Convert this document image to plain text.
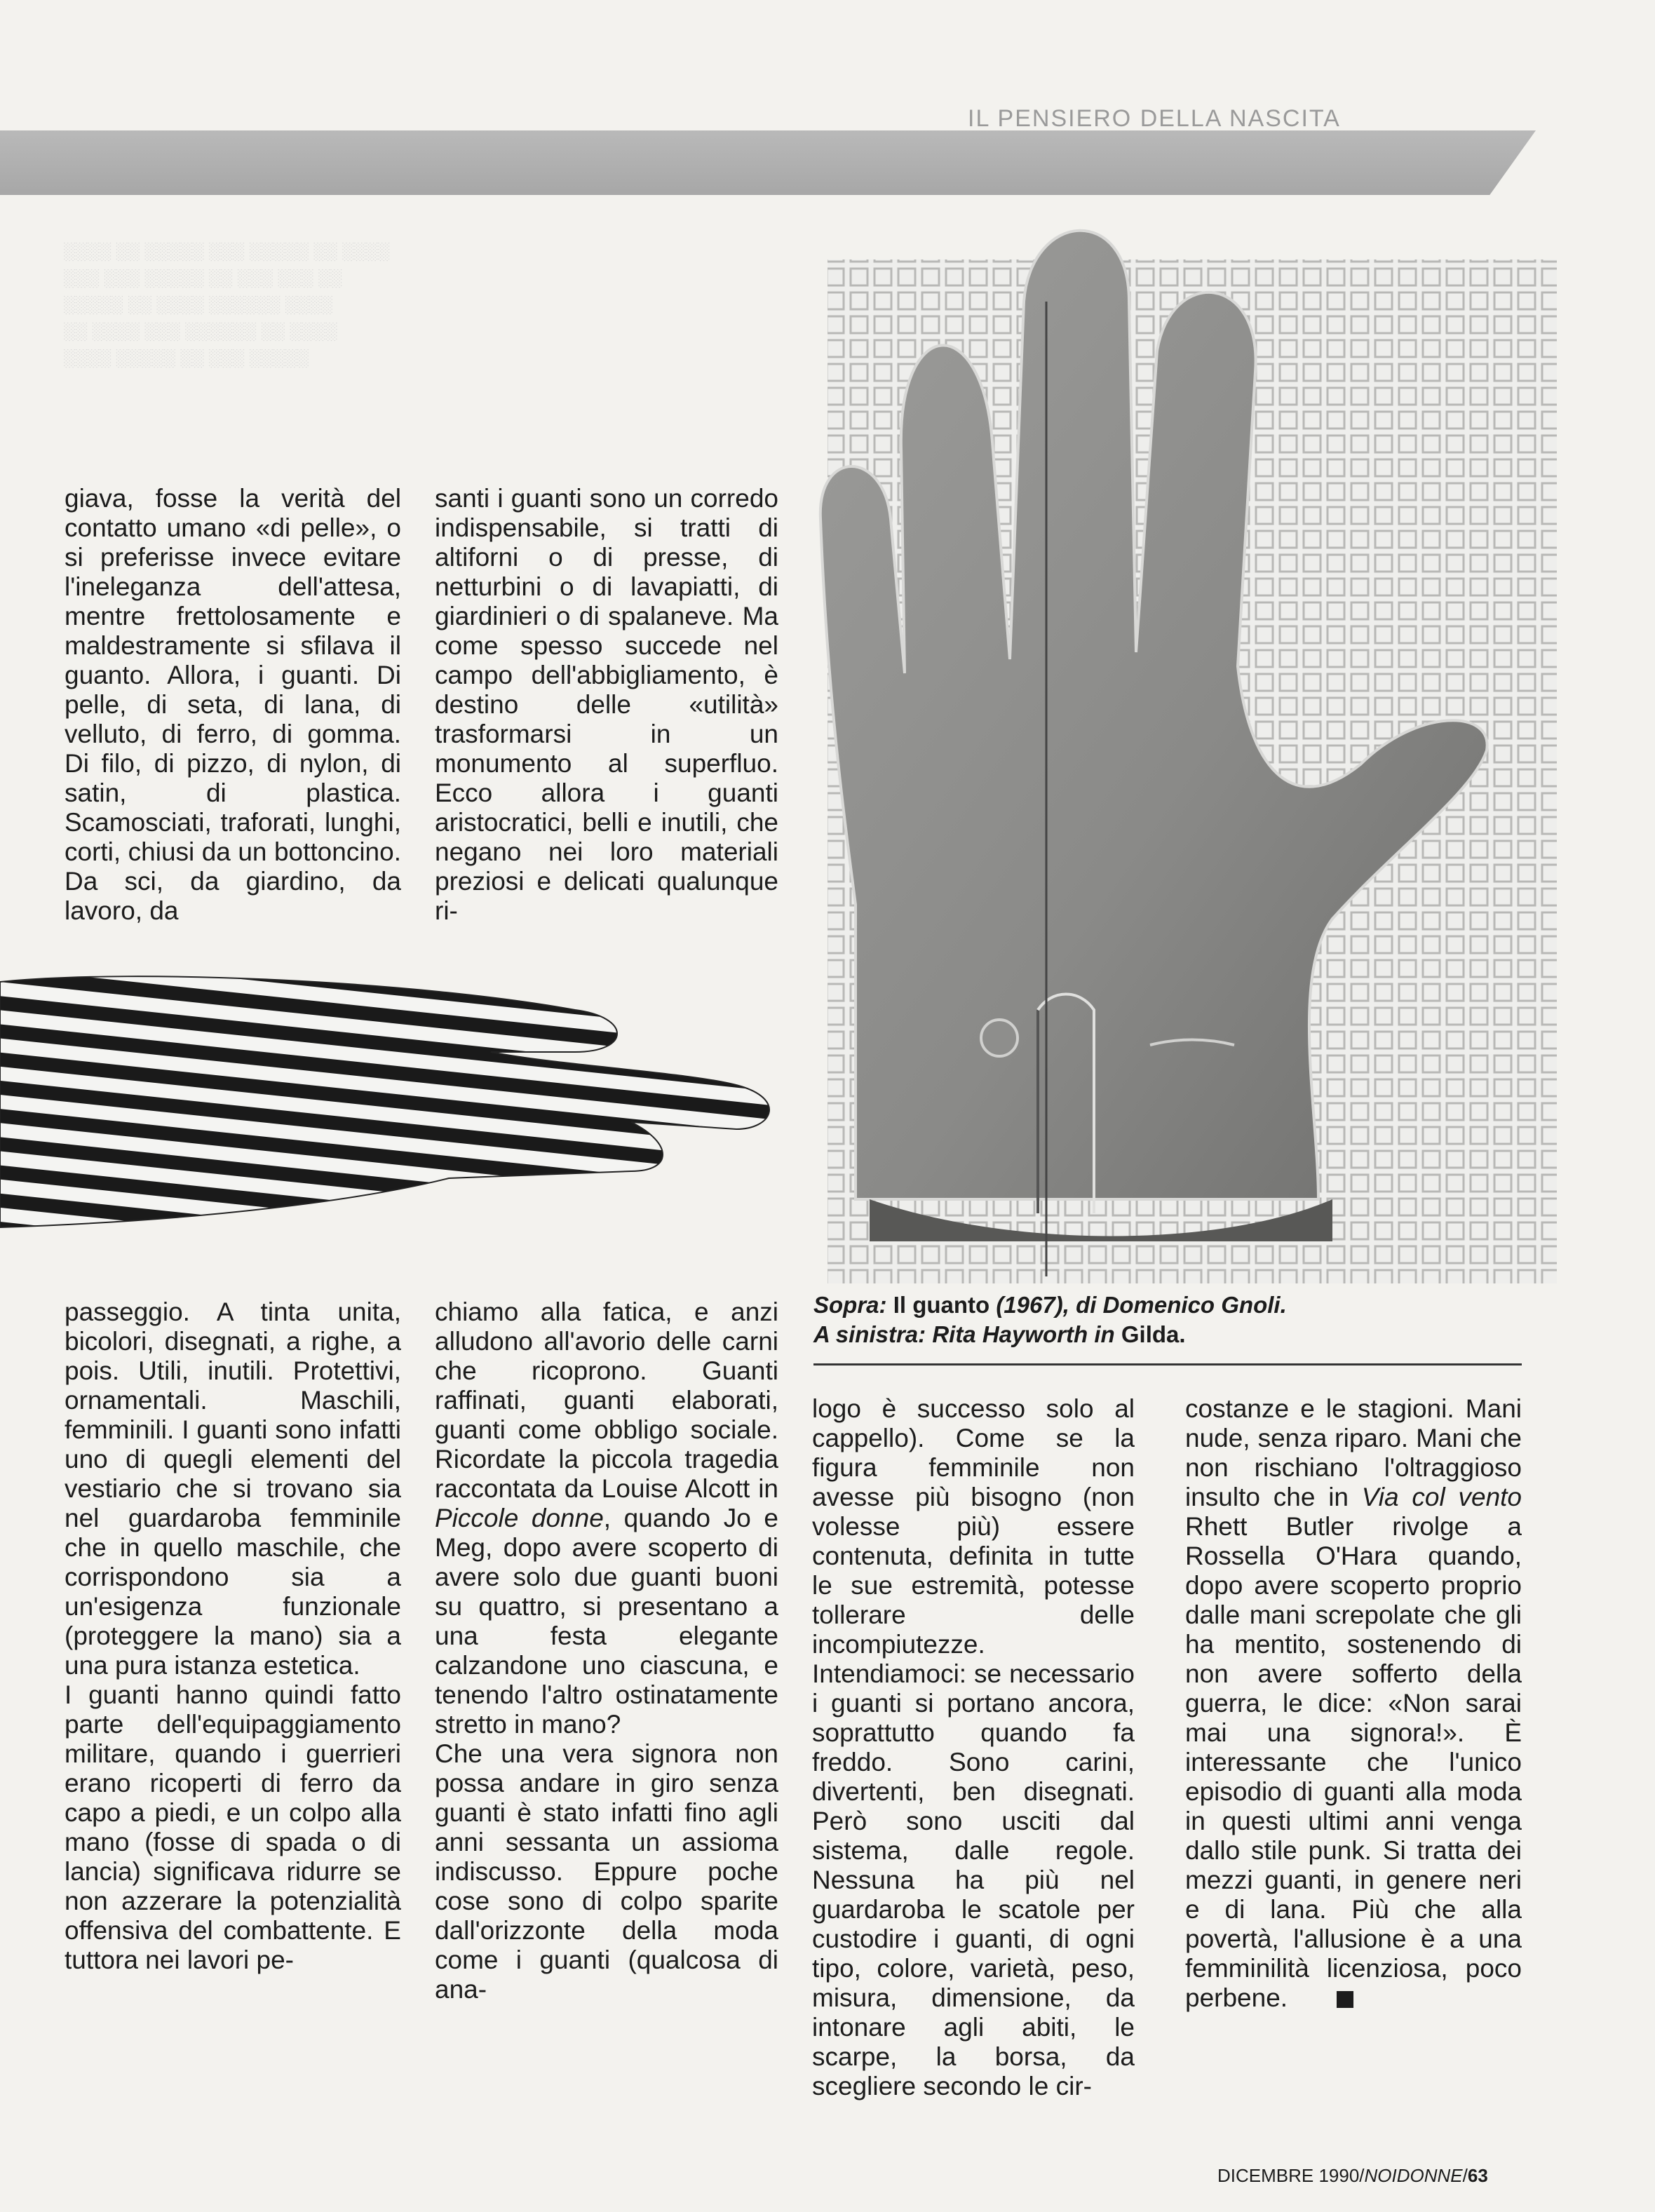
IL PENSIERO DELLA NASCITA
░░░░ ░░ ░░░░░ ░░░ ░░░░░ ░░ ░░░░
░░░ ░░░ ░░░░░ ░░ ░░░ ░░░ ░░
░░░░░ ░░ ░░░░ ░░░░░░ ░░░░
░░ ░░░░ ░░░ ░░░░░░ ░░ ░░░░
░░░░ ░░░░░ ░░ ░░░ ░░░░░

giava, fosse la verità del contatto umano «di pelle», o si preferisse invece evitare l'ineleganza dell'attesa, mentre frettolosamente e maldestramente si sfilava il guanto. Allora, i guanti. Di pelle, di seta, di lana, di velluto, di ferro, di gomma. Di filo, di pizzo, di nylon, di satin, di plastica. Scamosciati, traforati, lunghi, corti, chiusi da un bottoncino. Da sci, da giardino, da lavoro, da

santi i guanti sono un corredo indispensabile, si tratti di altiforni o di presse, di netturbini o di lavapiatti, di giardinieri o di spalaneve. Ma come spesso succede nel campo dell'abbigliamento, è destino delle «utilità» trasformarsi in un monumento al superfluo. Ecco allora i guanti aristocratici, belli e inutili, che negano nei loro materiali preziosi e delicati qualunque ri-

Sopra: Il guanto (1967), di Domenico Gnoli.
A sinistra: Rita Hayworth in Gilda.

passeggio. A tinta unita, bicolori, disegnati, a righe, a pois. Utili, inutili. Protettivi, ornamentali. Maschili, femminili. I guanti sono infatti uno di quegli elementi del vestiario che si trovano sia nel guardaroba femminile che in quello maschile, che corrispondono sia a un'esigenza funzionale (proteggere la mano) sia a una pura istanza estetica.

I guanti hanno quindi fatto parte dell'equipaggiamento militare, quando i guerrieri erano ricoperti di ferro da capo a piedi, e un colpo alla mano (fosse di spada o di lancia) significava ridurre se non azzerare la potenzialità offensiva del combattente. E tuttora nei lavori pe-

chiamo alla fatica, e anzi alludono all'avorio delle carni che ricoprono. Guanti raffinati, guanti elaborati, guanti come obbligo sociale. Ricordate la piccola tragedia raccontata da Louise Alcott in Piccole donne, quando Jo e Meg, dopo avere scoperto di avere solo due guanti buoni su quattro, si presentano a una festa elegante calzandone uno ciascuna, e tenendo l'altro ostinatamente stretto in mano?

Che una vera signora non possa andare in giro senza guanti è stato infatti fino agli anni sessanta un assioma indiscusso. Eppure poche cose sono di colpo sparite dall'orizzonte della moda come i guanti (qualcosa di ana-

logo è successo solo al cappello). Come se la figura femminile non avesse più bisogno (non volesse più) essere contenuta, definita in tutte le sue estremità, potesse tollerare delle incompiutezze. Intendiamoci: se necessario i guanti si portano ancora, soprattutto quando fa freddo. Sono carini, divertenti, ben disegnati. Però sono usciti dal sistema, dalle regole. Nessuna ha più nel guardaroba le scatole per custodire i guanti, di ogni tipo, colore, varietà, peso, misura, dimensione, da intonare agli abiti, le scarpe, la borsa, da scegliere secondo le cir-

costanze e le stagioni. Mani nude, senza riparo. Mani che non rischiano l'oltraggioso insulto che in Via col vento Rhett Butler rivolge a Rossella O'Hara quando, dopo avere scoperto proprio dalle mani screpolate che gli ha mentito, sostenendo di non avere sofferto della guerra, le dice: «Non sarai mai una signora!». È interessante che l'unico episodio di guanti alla moda in questi ultimi anni venga dallo stile punk. Si tratta dei mezzi guanti, in genere neri e di lana. Più che alla povertà, l'allusione è a una femminilità licenziosa, poco perbene.

DICEMBRE 1990/NOIDONNE/63
